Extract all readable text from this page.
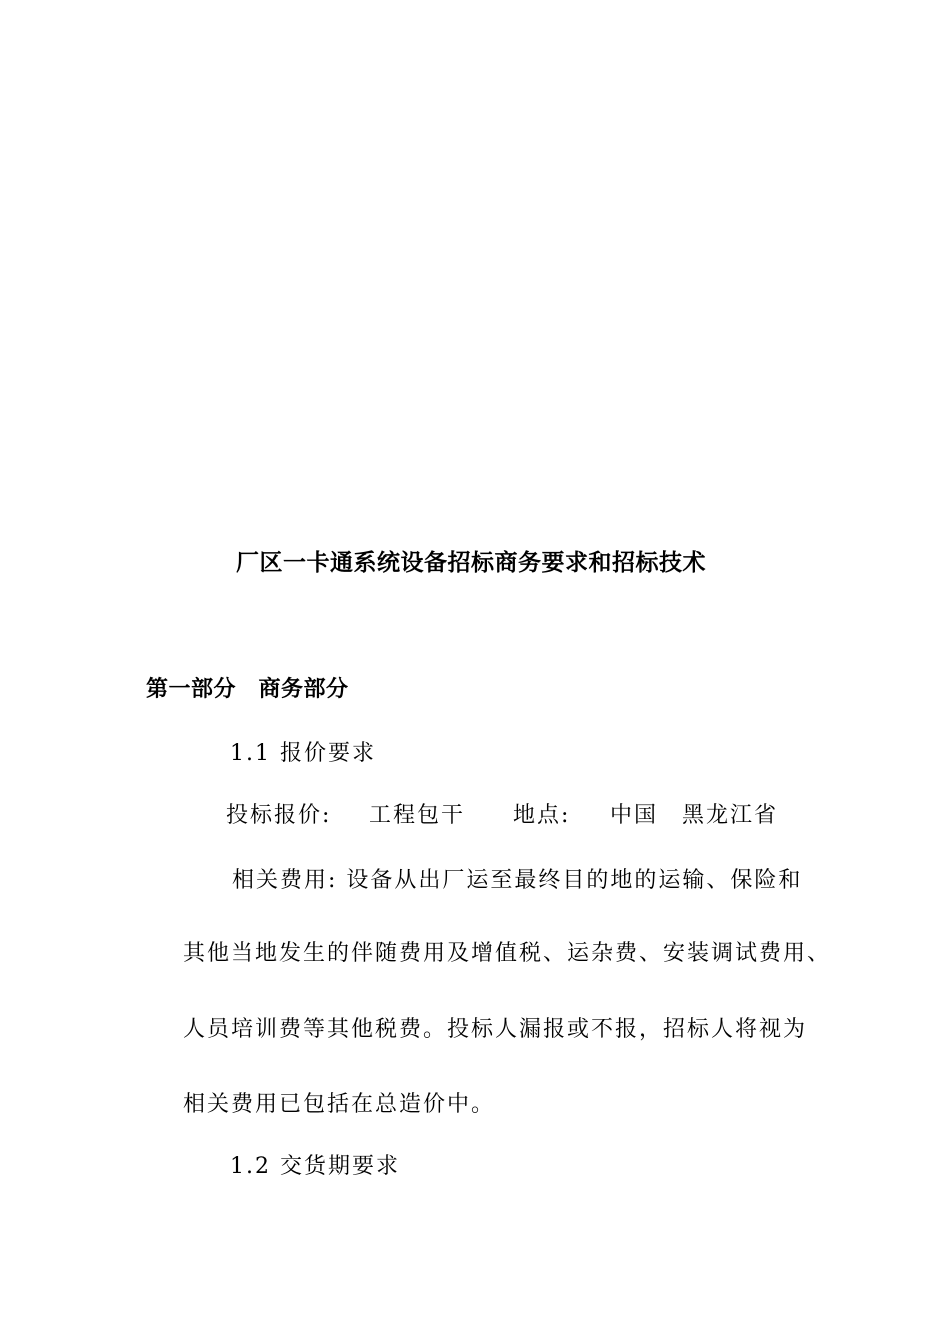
厂区一卡通系统设备招标商务要求和招标技术
第一部分　商务部分
1.1 报价要求

投标报价:

工程包干

地点:

中国　黑龙江省

相关费用: 设备从出厂运至最终目的地的运输、保险和
其他当地发生的伴随费用及增值税、运杂费、安装调试费用、
人员培训费等其他税费。投标人漏报或不报，招标人将视为
相关费用已包括在总造价中。
1.2 交货期要求
